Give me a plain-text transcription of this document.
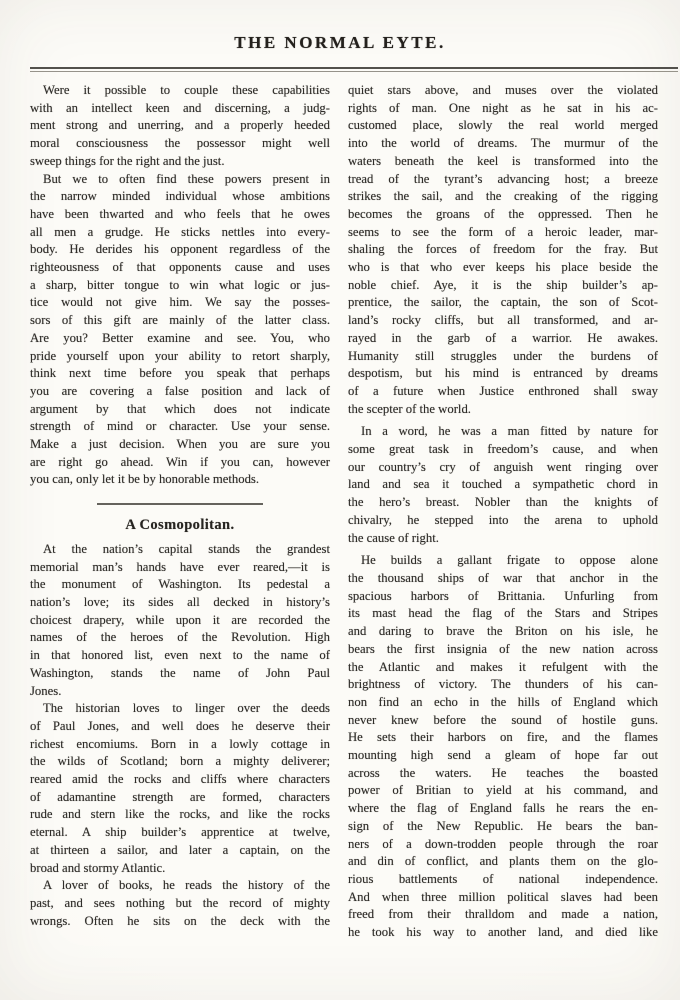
THE NORMAL EYTE.
Were it possible to couple these capabilities
with an intellect keen and discerning, a judg-
ment strong and unerring, and a properly heeded
moral consciousness the possessor might well
sweep things for the right and the just.
But we to often find these powers present in
the narrow minded individual whose ambitions
have been thwarted and who feels that he owes
all men a grudge. He sticks nettles into every-
body. He derides his opponent regardless of the
righteousness of that opponents cause and uses
a sharp, bitter tongue to win what logic or jus-
tice would not give him. We say the posses-
sors of this gift are mainly of the latter class.
Are you? Better examine and see. You, who
pride yourself upon your ability to retort sharply,
think next time before you speak that perhaps
you are covering a false position and lack of
argument by that which does not indicate
strength of mind or character. Use your sense.
Make a just decision. When you are sure you
are right go ahead. Win if you can, however
you can, only let it be by honorable methods.
A Cosmopolitan.
At the nation’s capital stands the grandest
memorial man’s hands have ever reared,—it is
the monument of Washington. Its pedestal a
nation’s love; its sides all decked in history’s
choicest drapery, while upon it are recorded the
names of the heroes of the Revolution. High
in that honored list, even next to the name of
Washington, stands the name of John Paul
Jones.
The historian loves to linger over the deeds
of Paul Jones, and well does he deserve their
richest encomiums. Born in a lowly cottage in
the wilds of Scotland; born a mighty deliverer;
reared amid the rocks and cliffs where characters
of adamantine strength are formed, characters
rude and stern like the rocks, and like the rocks
eternal. A ship builder’s apprentice at twelve,
at thirteen a sailor, and later a captain, on the
broad and stormy Atlantic.
A lover of books, he reads the history of the
past, and sees nothing but the record of mighty
wrongs. Often he sits on the deck with the
quiet stars above, and muses over the violated
rights of man. One night as he sat in his ac-
customed place, slowly the real world merged
into the world of dreams. The murmur of the
waters beneath the keel is transformed into the
tread of the tyrant’s advancing host; a breeze
strikes the sail, and the creaking of the rigging
becomes the groans of the oppressed. Then he
seems to see the form of a heroic leader, mar-
shaling the forces of freedom for the fray. But
who is that who ever keeps his place beside the
noble chief. Aye, it is the ship builder’s ap-
prentice, the sailor, the captain, the son of Scot-
land’s rocky cliffs, but all transformed, and ar-
rayed in the garb of a warrior. He awakes.
Humanity still struggles under the burdens of
despotism, but his mind is entranced by dreams
of a future when Justice enthroned shall sway
the scepter of the world.
In a word, he was a man fitted by nature for
some great task in freedom’s cause, and when
our country’s cry of anguish went ringing over
land and sea it touched a sympathetic chord in
the hero’s breast. Nobler than the knights of
chivalry, he stepped into the arena to uphold
the cause of right.
He builds a gallant frigate to oppose alone
the thousand ships of war that anchor in the
spacious harbors of Brittania. Unfurling from
its mast head the flag of the Stars and Stripes
and daring to brave the Briton on his isle, he
bears the first insignia of the new nation across
the Atlantic and makes it refulgent with the
brightness of victory. The thunders of his can-
non find an echo in the hills of England which
never knew before the sound of hostile guns.
He sets their harbors on fire, and the flames
mounting high send a gleam of hope far out
across the waters. He teaches the boasted
power of Britian to yield at his command, and
where the flag of England falls he rears the en-
sign of the New Republic. He bears the ban-
ners of a down-trodden people through the roar
and din of conflict, and plants them on the glo-
rious battlements of national independence.
And when three million political slaves had been
freed from their thralldom and made a nation,
he took his way to another land, and died like
